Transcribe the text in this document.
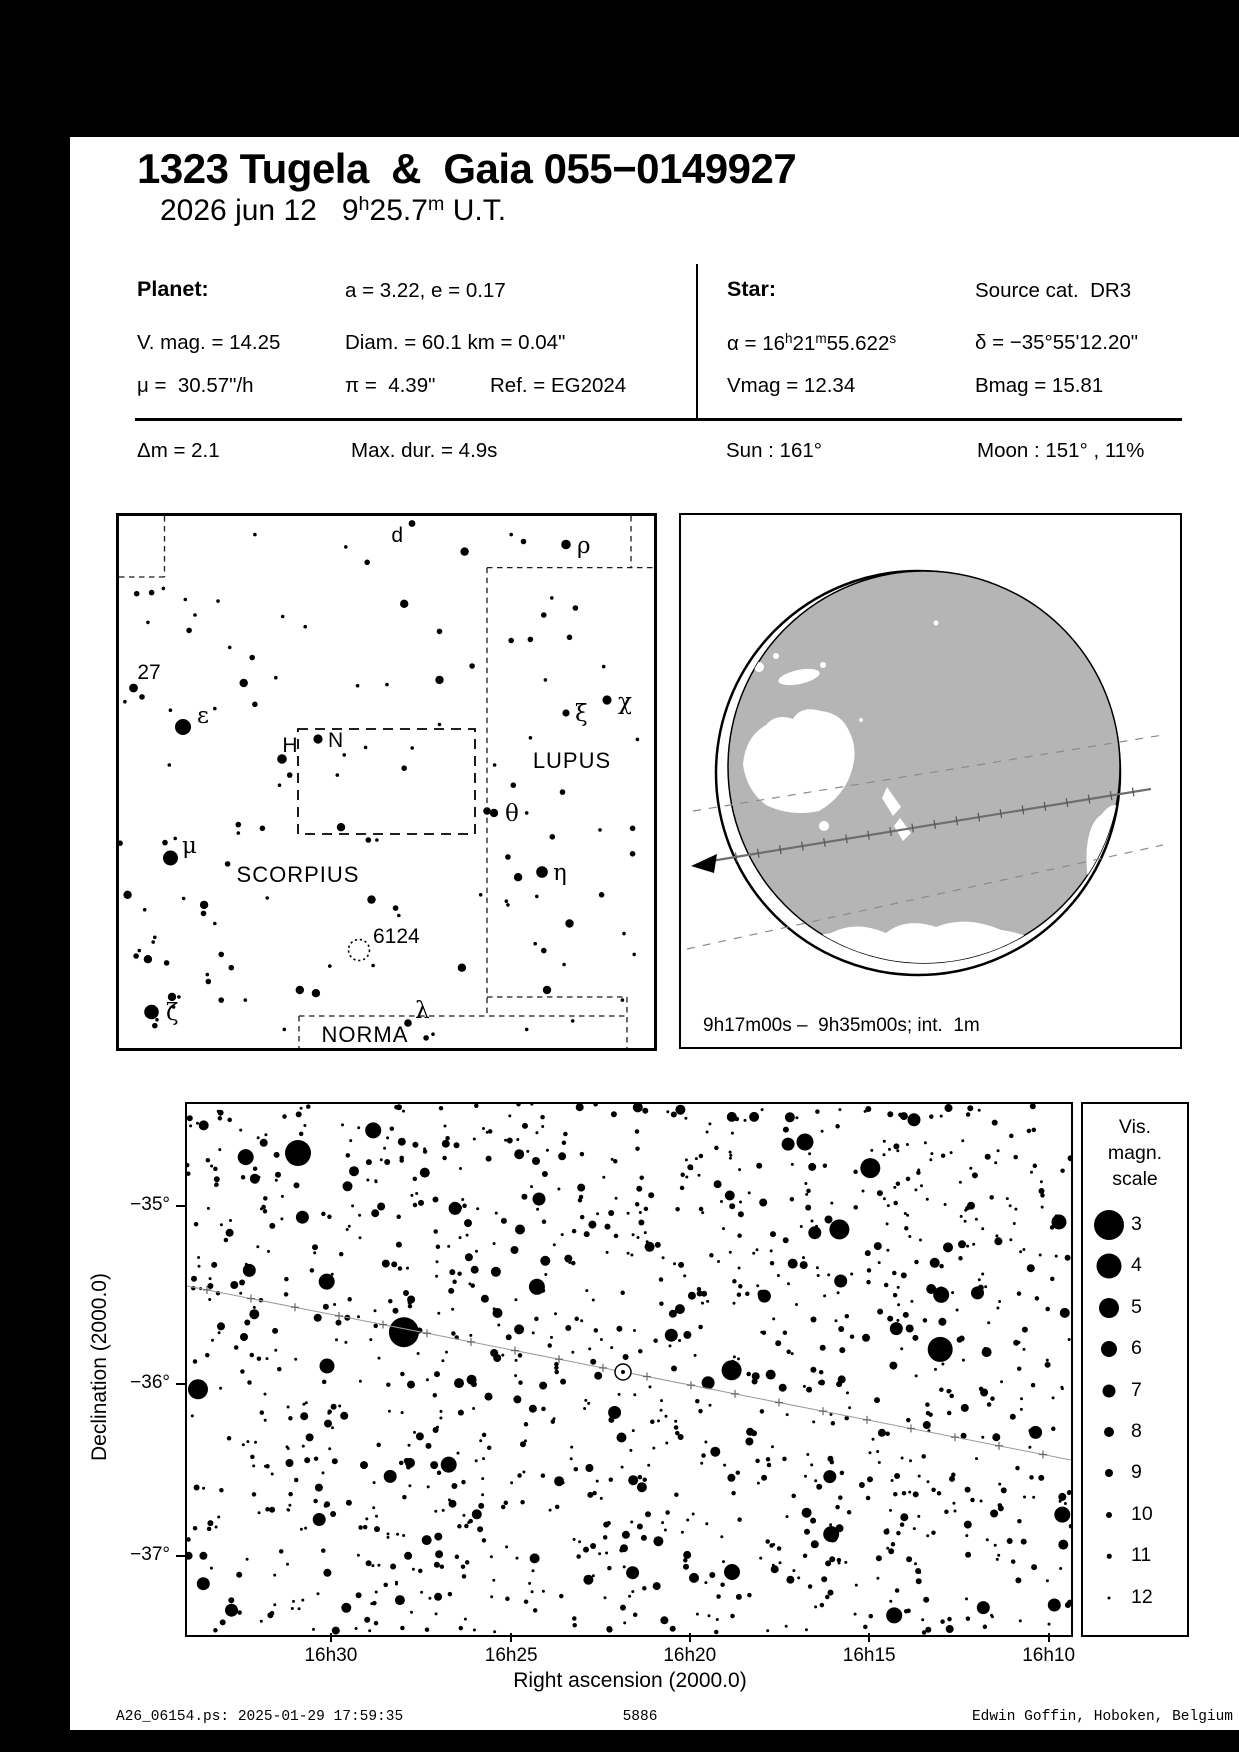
1323 Tugela  &  Gaia 055−0149927
2026 jun 12   9$^h$25.7$^m$ U.T.
Planet:	a = 3.22, e = 0.17
V. mag. = 14.25	Diam. = 60.1 km = 0.04"
μ =  30.57"/h	π =  4.39"	Ref. = EG2024
Star:	Source cat.  DR3
$\alpha = 16^h21^m55.622^s$	δ = −35°55'12.20"
Vmag = 12.34	Bmag = 15.81
Δm = 2.1	Max. dur. = 4.9s	Sun : 161°	Moon : 151° , 11%
d	ρ
27
ε
H N
χ
ξ
θ
μ
η
ζ	λ
LUPUS
SCORPIUS
NORMA
6124
9h17m00s –  9h35m00s; int.  1m
Vis.
magn.
scale
3
4
5
6
7
8
9
10
11
12
Declination (2000.0)
Right ascension (2000.0)
16h30	16h25	16h20	16h15	16h10
−35°
−36°
−37°
A26_06154.ps: 2025-01-29 17:59:35	5886	Edwin Goffin, Hoboken, Belgium
